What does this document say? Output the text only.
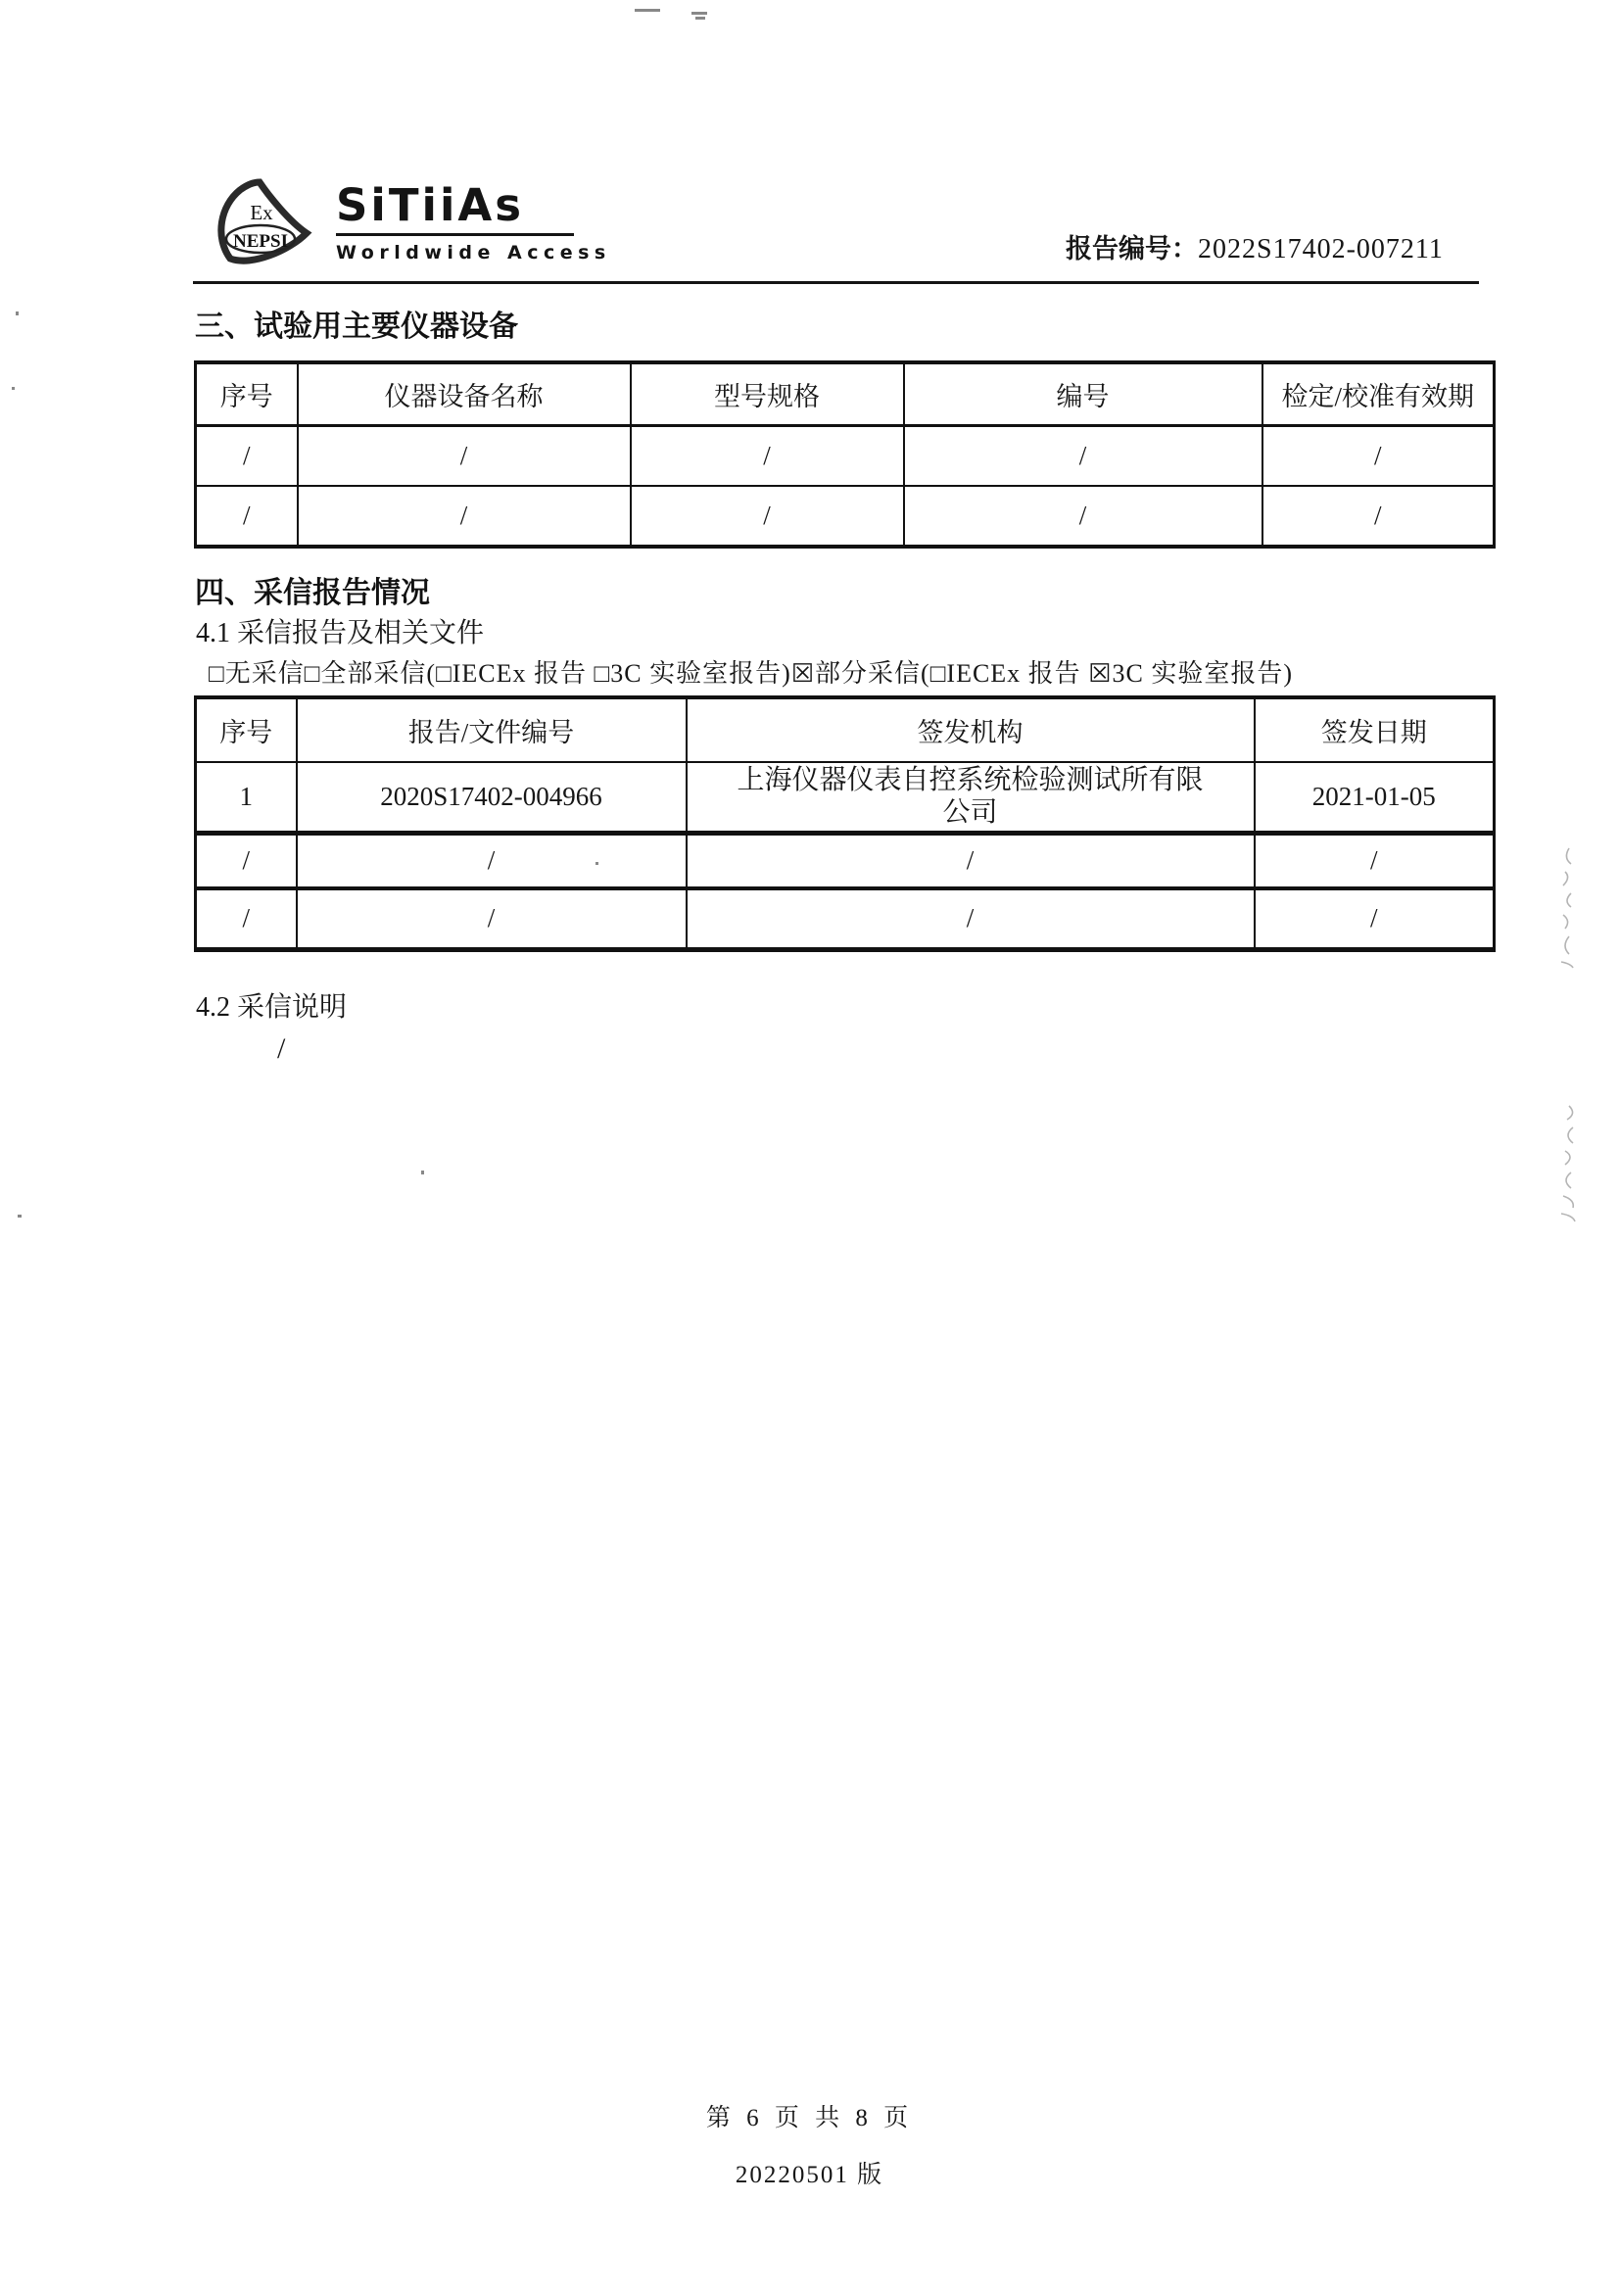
Ex
NEPSI
SiTiiAs
Worldwide Access	报告编号：2022S17402-007211
三、试验用主要仪器设备
序号	仪器设备名称	型号规格	编号	检定/校准有效期
/	/	/	/	/
/	/	/	/	/
四、采信报告情况
4.1 采信报告及相关文件
□无采信□全部采信(□IECEx 报告 □3C 实验室报告)☒部分采信(□IECEx 报告 ☒3C 实验室报告)
序号	报告/文件编号	签发机构	签发日期
1	2020S17402-004966	上海仪器仪表自控系统检验测试所有限公司	2021-01-05
/	/	/	/
/	/	/	/
4.2 采信说明
/
第 6 页 共 8 页
20220501 版
